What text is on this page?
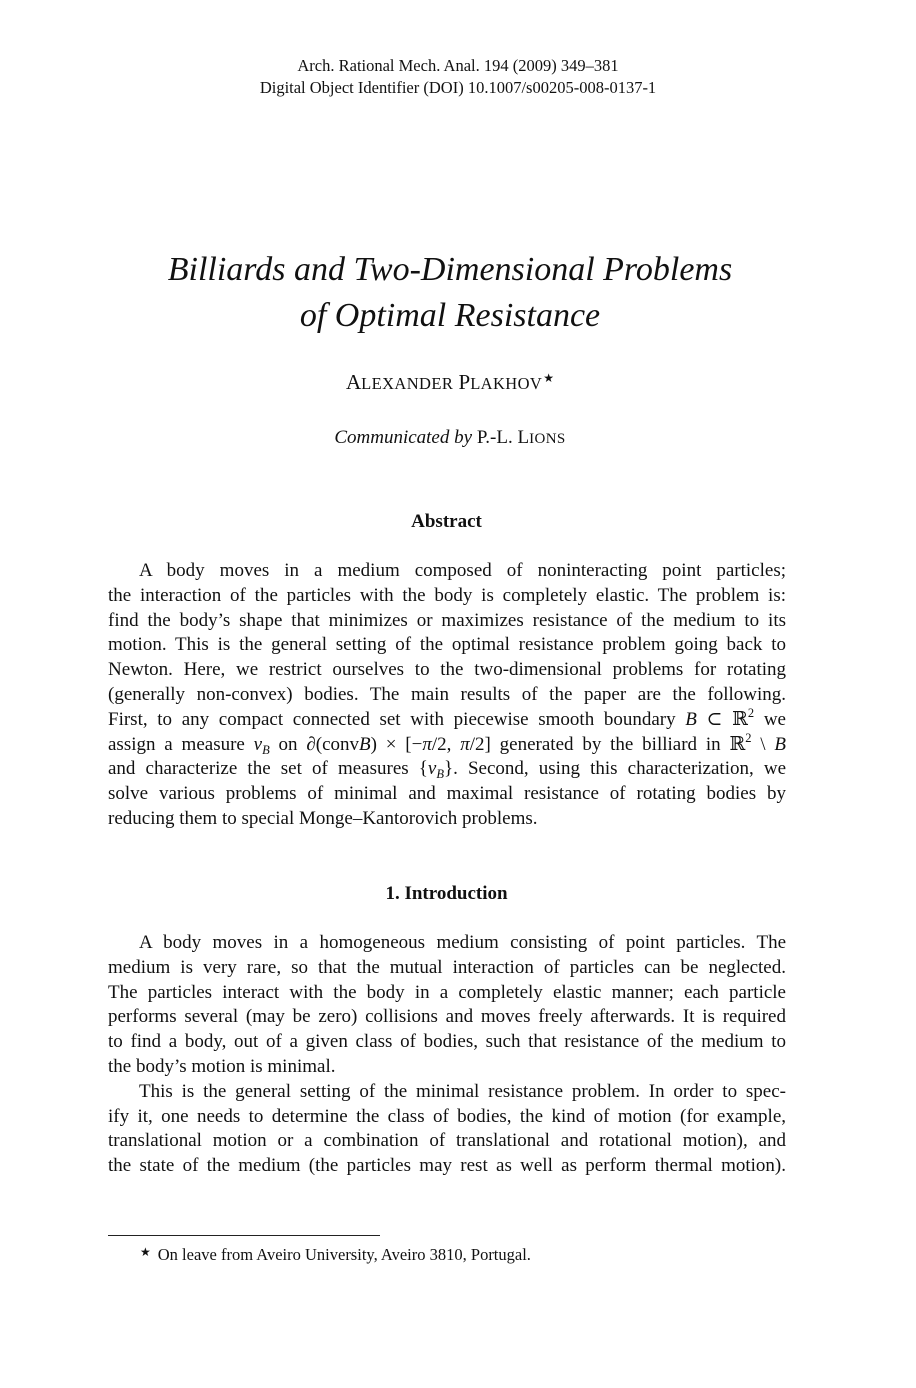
Arch. Rational Mech. Anal. 194 (2009) 349–381
Digital Object Identifier (DOI) 10.1007/s00205-008-0137-1
Billiards and Two-Dimensional Problems
of Optimal Resistance
ALEXANDER PLAKHOV★
Communicated by P.-L. LIONS
Abstract
A body moves in a medium composed of noninteracting point particles;
the interaction of the particles with the body is completely elastic. The problem is:
find the body’s shape that minimizes or maximizes resistance of the medium to its
motion. This is the general setting of the optimal resistance problem going back to
Newton. Here, we restrict ourselves to the two-dimensional problems for rotating
(generally non-convex) bodies. The main results of the paper are the following.
First, to any compact connected set with piecewise smooth boundary B ⊂ ℝ$^2$ we
assign a measure $\nu_B$ on ∂(convB) × [−π/2, π/2] generated by the billiard in ℝ$^2$ \ B
and characterize the set of measures $\{\nu_B\}$. Second, using this characterization, we
solve various problems of minimal and maximal resistance of rotating bodies by
reducing them to special Monge–Kantorovich problems.
1. Introduction
A body moves in a homogeneous medium consisting of point particles. The
medium is very rare, so that the mutual interaction of particles can be neglected.
The particles interact with the body in a completely elastic manner; each particle
performs several (may be zero) collisions and moves freely afterwards. It is required
to find a body, out of a given class of bodies, such that resistance of the medium to
the body’s motion is minimal.
This is the general setting of the minimal resistance problem. In order to spec-
ify it, one needs to determine the class of bodies, the kind of motion (for example,
translational motion or a combination of translational and rotational motion), and
the state of the medium (the particles may rest as well as perform thermal motion).
★ On leave from Aveiro University, Aveiro 3810, Portugal.
